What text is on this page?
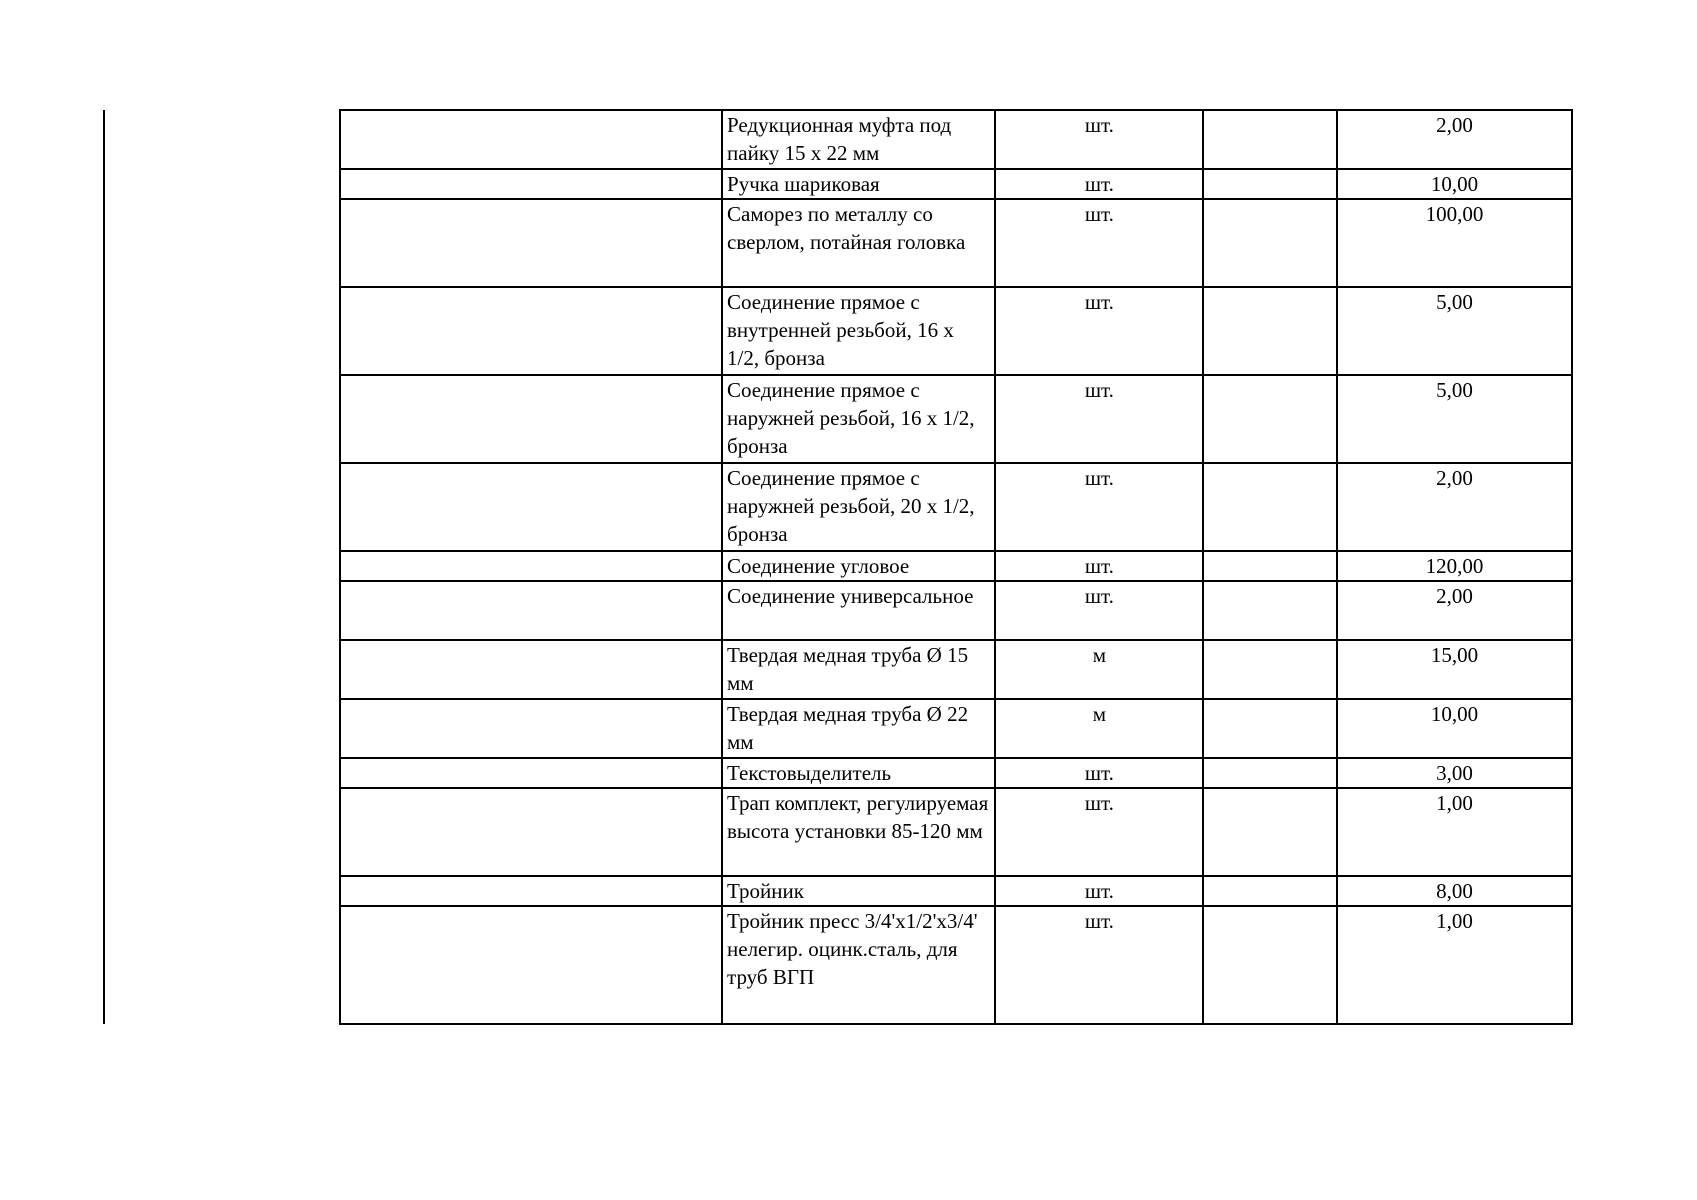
	Редукционная муфта под пайку 15 х 22 мм	шт.		2,00
	Ручка шариковая	шт.		10,00
	Саморез по металлу со сверлом, потайная головка	шт.		100,00
	Соединение прямое с внутренней резьбой, 16 х 1/2, бронза	шт.		5,00
	Соединение прямое с наружней резьбой, 16 х 1/2, бронза	шт.		5,00
	Соединение прямое с наружней резьбой, 20 х 1/2, бронза	шт.		2,00
	Соединение угловое	шт.		120,00
	Соединение универсальное	шт.		2,00
	Твердая медная труба Ø 15 мм	м		15,00
	Твердая медная труба Ø 22 мм	м		10,00
	Текстовыделитель	шт.		3,00
	Трап комплект, регулируемая высота установки 85-120 мм	шт.		1,00
	Тройник	шт.		8,00
	Тройник пресс 3/4'х1/2'х3/4' нелегир. оцинк.сталь, для труб ВГП	шт.		1,00
